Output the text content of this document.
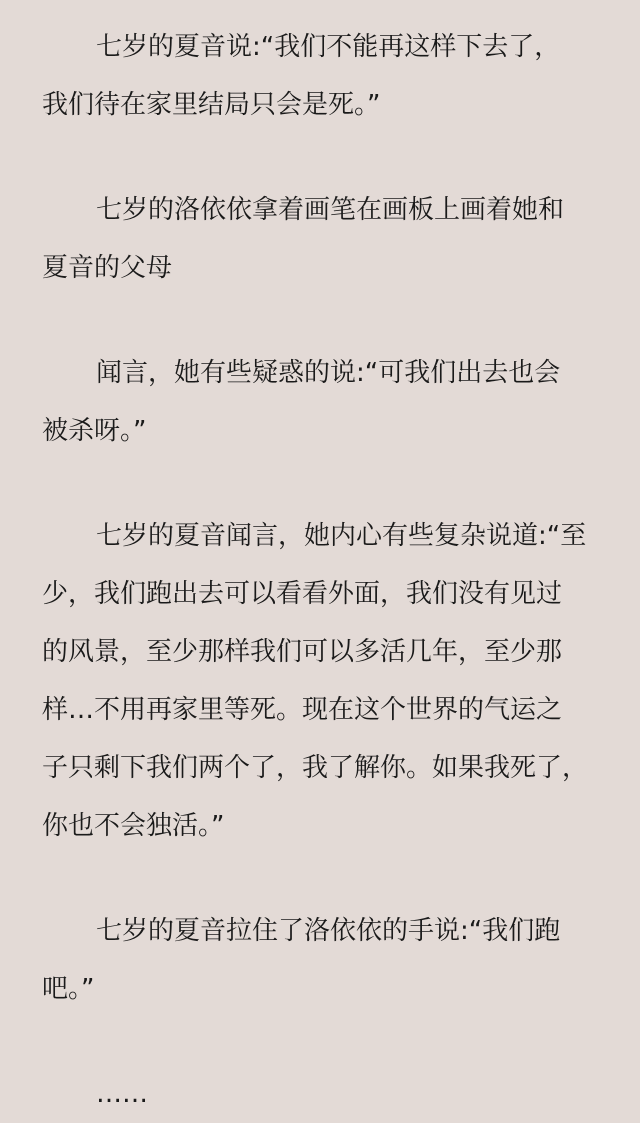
七岁的夏音说:“我们不能再这样下去了，
我们待在家里结局只会是死。”
七岁的洛依依拿着画笔在画板上画着她和
夏音的父母
闻言，她有些疑惑的说:“可我们出去也会
被杀呀。”
七岁的夏音闻言，她内心有些复杂说道:“至
少，我们跑出去可以看看外面，我们没有见过
的风景，至少那样我们可以多活几年，至少那
样…不用再家里等死。现在这个世界的气运之
子只剩下我们两个了，我了解你。如果我死了，
你也不会独活。”
七岁的夏音拉住了洛依依的手说:“我们跑
吧。”
……
